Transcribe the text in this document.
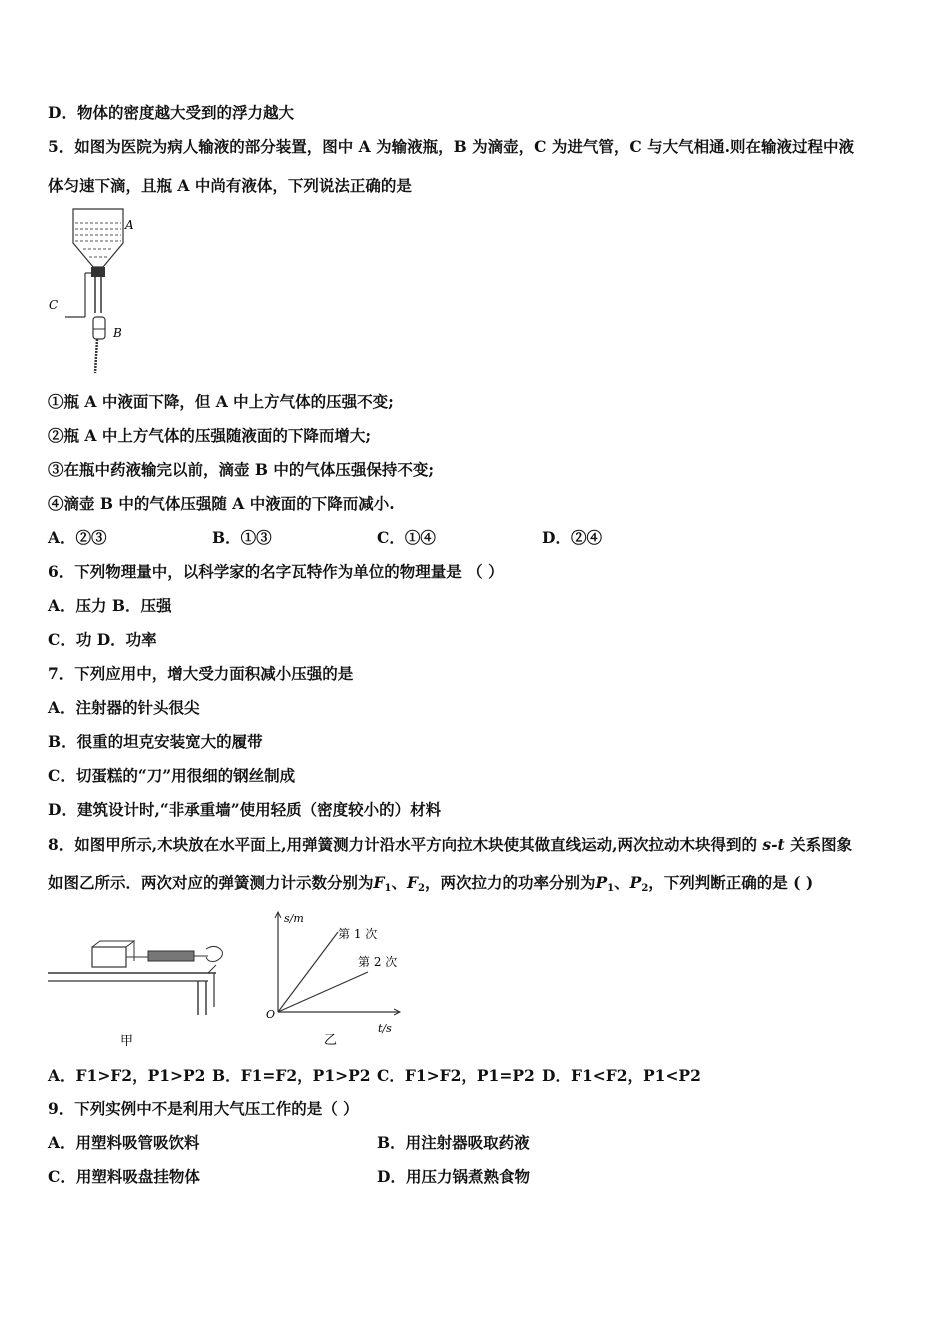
D．物体的密度越大受到的浮力越大
5．如图为医院为病人输液的部分装置，图中 A 为输液瓶，B 为滴壶，C 为进气管，C 与大气相通.则在输液过程中液
体匀速下滴，且瓶 A 中尚有液体，下列说法正确的是
A
B
C
①瓶 A 中液面下降，但 A 中上方气体的压强不变;
②瓶 A 中上方气体的压强随液面的下降而增大;
③在瓶中药液输完以前，滴壶 B 中的气体压强保持不变;
④滴壶 B 中的气体压强随 A 中液面的下降而减小.
A．②③	B．①③	C．①④	D．②④
6．下列物理量中，以科学家的名字瓦特作为单位的物理量是 （ ）
A．压力 B．压强
C．功 D．功率
7．下列应用中，增大受力面积减小压强的是
A．注射器的针头很尖
B．很重的坦克安装宽大的履带
C．切蛋糕的“刀”用很细的钢丝制成
D．建筑设计时,“非承重墙”使用轻质（密度较小的）材料
8．如图甲所示,木块放在水平面上,用弹簧测力计沿水平方向拉木块使其做直线运动,两次拉动木块得到的 s-t 关系图象
如图乙所示．两次对应的弹簧测力计示数分别为$F_1$、$F_2$，两次拉力的功率分别为$P_1$、$P_2$，下列判断正确的是 ( )
甲
s/m
t/s
O
第 1 次
第 2 次
乙
A．F1>F2，P1>P2 B．F1=F2，P1>P2 C．F1>F2，P1=P2 D．F1<F2，P1<P2
9．下列实例中不是利用大气压工作的是（ ）
A．用塑料吸管吸饮料	B．用注射器吸取药液
C．用塑料吸盘挂物体	D．用压力锅煮熟食物
